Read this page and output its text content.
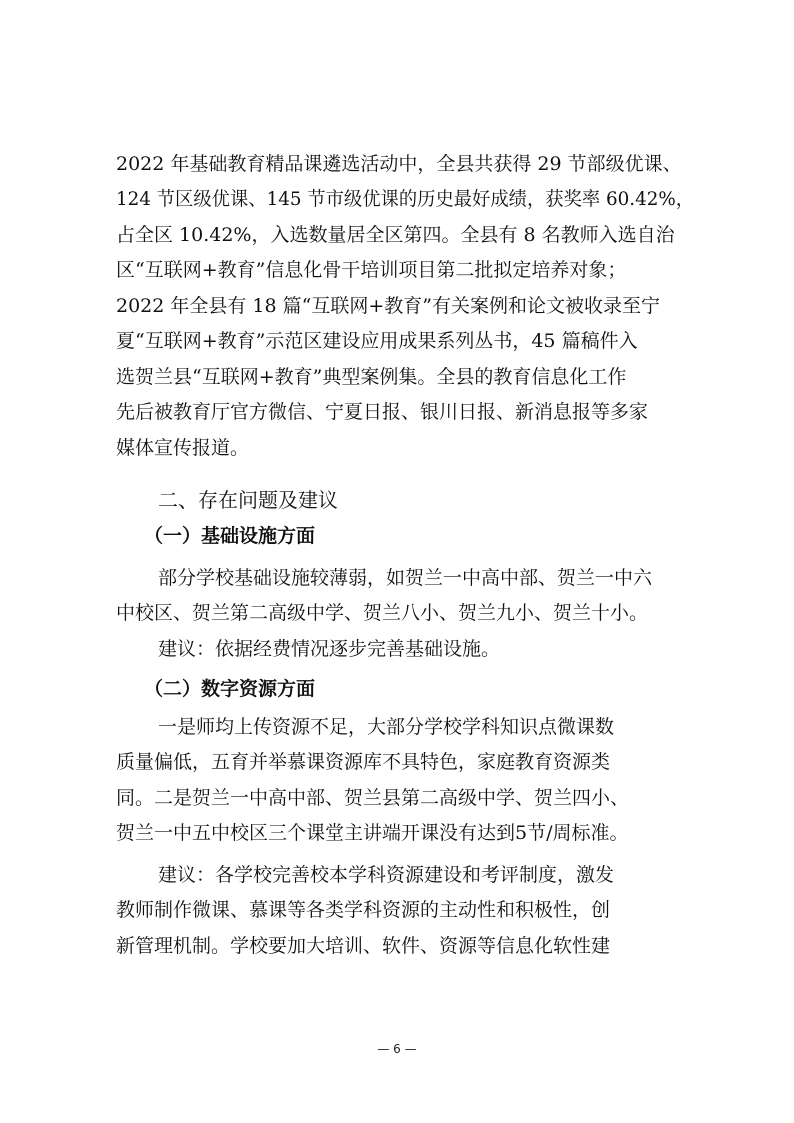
2022 年基础教育精品课遴选活动中，全县共获得 29 节部级优课、
124 节区级优课、145 节市级优课的历史最好成绩，获奖率 60.42%，
占全区 10.42%，入选数量居全区第四。全县有 8 名教师入选自治
区“互联网+教育”信息化骨干培训项目第二批拟定培养对象；
2022 年全县有 18 篇“互联网+教育”有关案例和论文被收录至宁
夏“互联网+教育”示范区建设应用成果系列丛书，45 篇稿件入
选贺兰县“互联网+教育”典型案例集。全县的教育信息化工作
先后被教育厅官方微信、宁夏日报、银川日报、新消息报等多家
媒体宣传报道。
二、存在问题及建议
（一）基础设施方面
部分学校基础设施较薄弱，如贺兰一中高中部、贺兰一中六
中校区、贺兰第二高级中学、贺兰八小、贺兰九小、贺兰十小。
建议：依据经费情况逐步完善基础设施。
（二）数字资源方面
一是师均上传资源不足，大部分学校学科知识点微课数
质量偏低，五育并举慕课资源库不具特色，家庭教育资源类
同。二是贺兰一中高中部、贺兰县第二高级中学、贺兰四小、
贺兰一中五中校区三个课堂主讲端开课没有达到5节/周标准。
建议：各学校完善校本学科资源建设和考评制度，激发
教师制作微课、慕课等各类学科资源的主动性和积极性，创
新管理机制。学校要加大培训、软件、资源等信息化软性建
— 6 —
